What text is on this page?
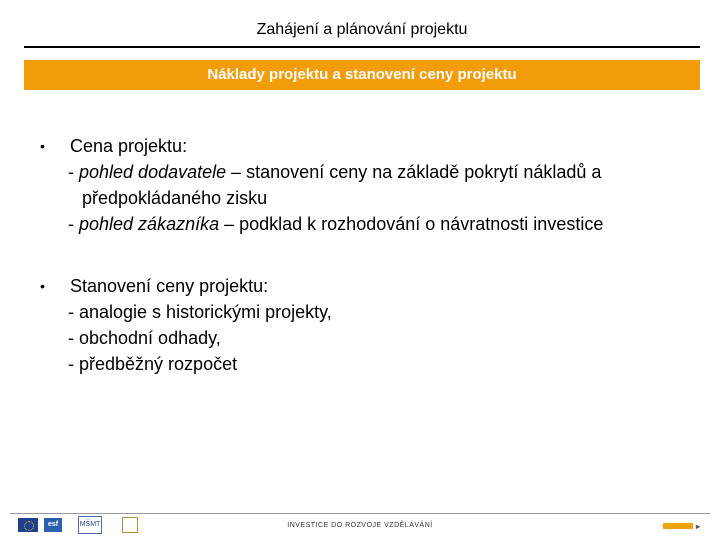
Zahájení a plánování projektu
Náklady projektu a stanovení ceny projektu
• Cena projektu:
- pohled dodavatele – stanovení ceny na základě pokrytí nákladů a
předpokládaného zisku
- pohled zákazníka – podklad k rozhodování o návratnosti investice
• Stanovení ceny projektu:
- analogie s historickými projekty,
- obchodní odhady,
- předběžný rozpočet
esf	MŠMT	INVESTICE DO ROZVOJE VZDĚLÁVÁNÍ	▸
